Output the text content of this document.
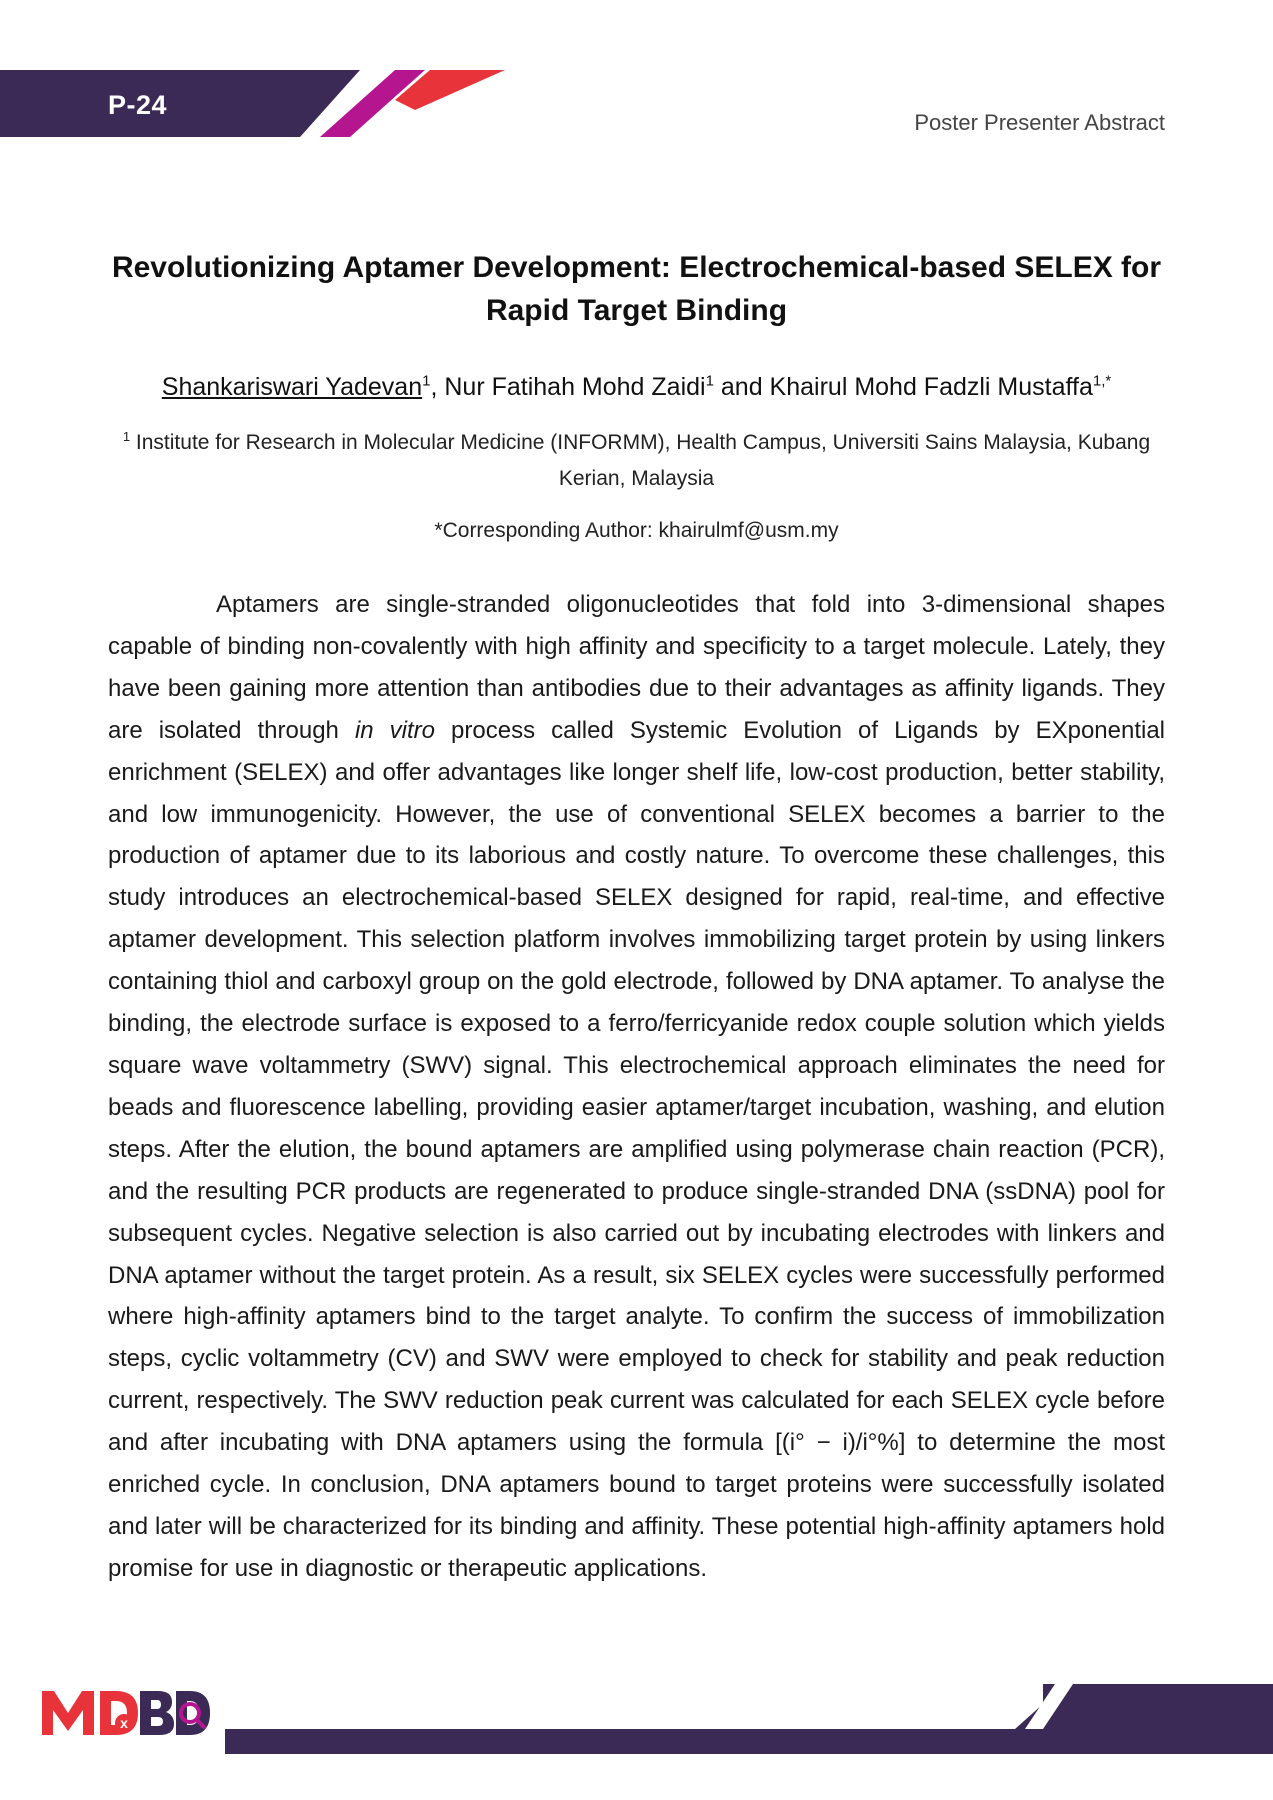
P-24
Poster Presenter Abstract
Revolutionizing Aptamer Development: Electrochemical-based SELEX for Rapid Target Binding
Shankariswari Yadevan$^1$, Nur Fatihah Mohd Zaidi$^1$ and Khairul Mohd Fadzli Mustaffa$^{1,*}$
$^1$ Institute for Research in Molecular Medicine (INFORMM), Health Campus, Universiti Sains Malaysia, Kubang Kerian, Malaysia
*Corresponding Author: khairulmf@usm.my

Aptamers are single-stranded oligonucleotides that fold into 3-dimensional shapes capable of binding non-covalently with high affinity and specificity to a target molecule. Lately, they have been gaining more attention than antibodies due to their advantages as affinity ligands. They are isolated through in vitro process called Systemic Evolution of Ligands by EXponential enrichment (SELEX) and offer advantages like longer shelf life, low-cost production, better stability, and low immunogenicity. However, the use of conventional SELEX becomes a barrier to the production of aptamer due to its laborious and costly nature. To overcome these challenges, this study introduces an electrochemical-based SELEX designed for rapid, real-time, and effective aptamer development. This selection platform involves immobilizing target protein by using linkers containing thiol and carboxyl group on the gold electrode, followed by DNA aptamer. To analyse the binding, the electrode surface is exposed to a ferro/ferricyanide redox couple solution which yields square wave voltammetry (SWV) signal. This electrochemical approach eliminates the need for beads and fluorescence labelling, providing easier aptamer/target incubation, washing, and elution steps. After the elution, the bound aptamers are amplified using polymerase chain reaction (PCR), and the resulting PCR products are regenerated to produce single-stranded DNA (ssDNA) pool for subsequent cycles. Negative selection is also carried out by incubating electrodes with linkers and DNA aptamer without the target protein. As a result, six SELEX cycles were successfully performed where high-affinity aptamers bind to the target analyte. To confirm the success of immobilization steps, cyclic voltammetry (CV) and SWV were employed to check for stability and peak reduction current, respectively. The SWV reduction peak current was calculated for each SELEX cycle before and after incubating with DNA aptamers using the formula [(i° − i)/i°%] to determine the most enriched cycle. In conclusion, DNA aptamers bound to target proteins were successfully isolated and later will be characterized for its binding and affinity. These potential high-affinity aptamers hold promise for use in diagnostic or therapeutic applications.

x
